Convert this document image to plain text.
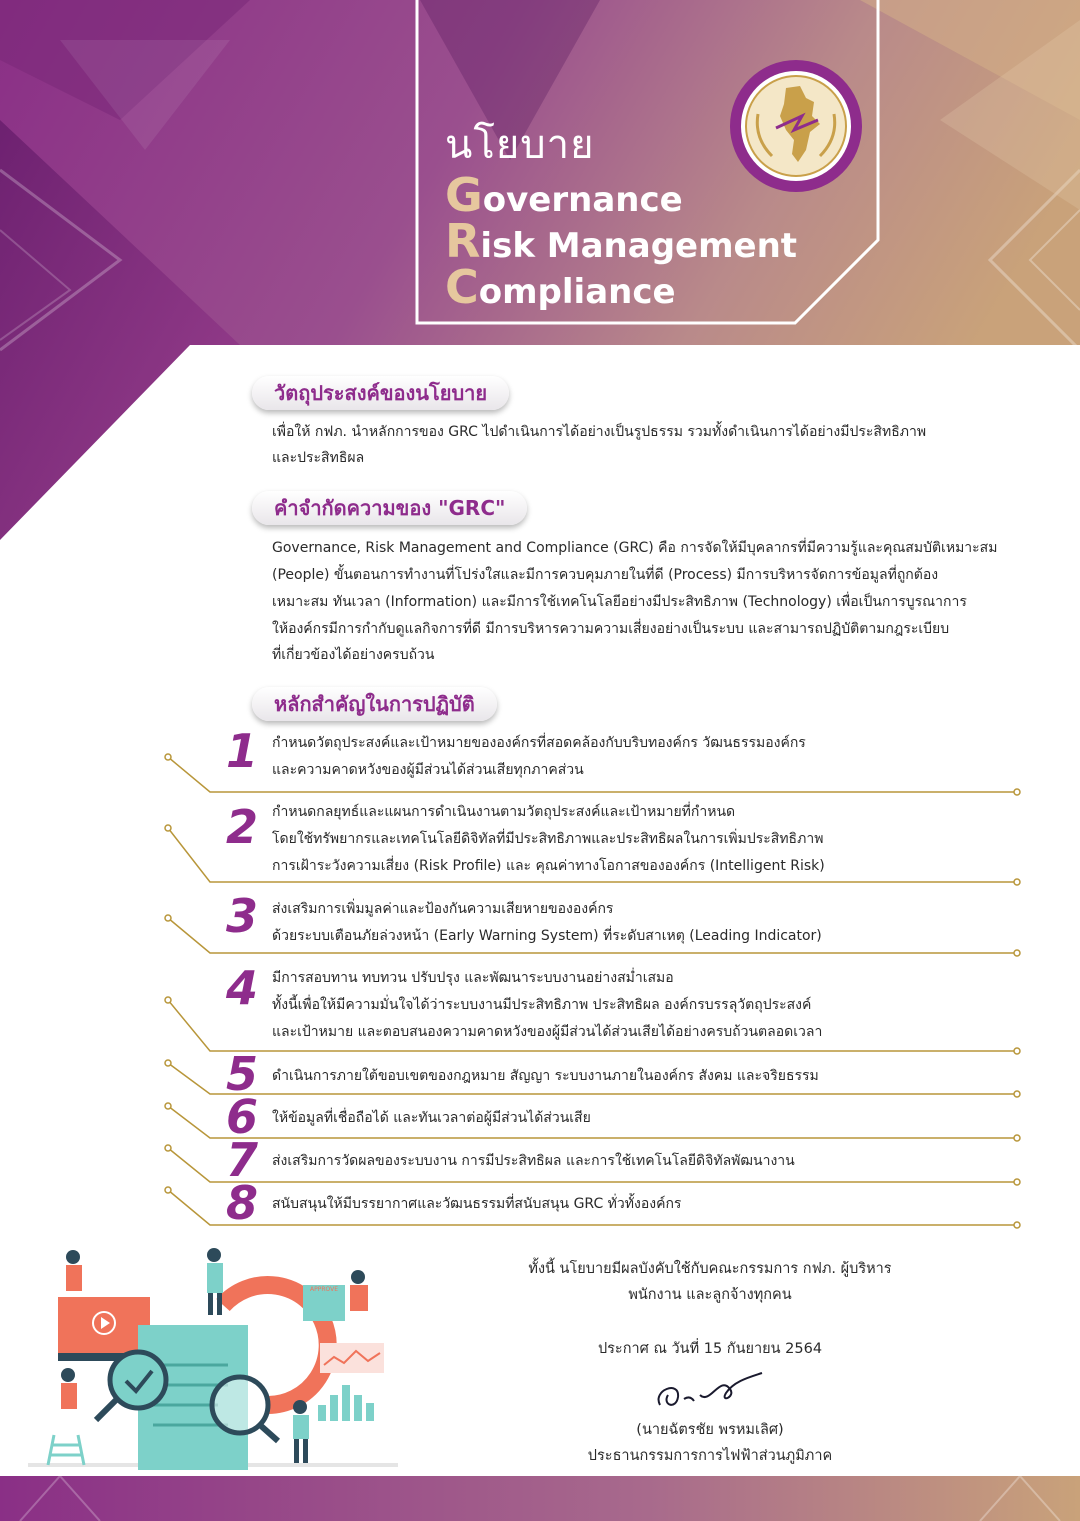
นโยบาย
Governance
Risk Management
Compliance
วัตถุประสงค์ของนโยบาย
เพื่อให้ กฟภ. นำหลักการของ GRC ไปดำเนินการได้อย่างเป็นรูปธรรม รวมทั้งดำเนินการได้อย่างมีประสิทธิภาพ
และประสิทธิผล
คำจำกัดความของ "GRC"
Governance, Risk Management and Compliance (GRC) คือ การจัดให้มีบุคลากรที่มีความรู้และคุณสมบัติเหมาะสม
(People) ขั้นตอนการทำงานที่โปร่งใสและมีการควบคุมภายในที่ดี (Process) มีการบริหารจัดการข้อมูลที่ถูกต้อง
เหมาะสม ทันเวลา (Information) และมีการใช้เทคโนโลยีอย่างมีประสิทธิภาพ (Technology) เพื่อเป็นการบูรณาการ
ให้องค์กรมีการกำกับดูแลกิจการที่ดี มีการบริหารความความเสี่ยงอย่างเป็นระบบ และสามารถปฏิบัติตามกฎระเบียบ
ที่เกี่ยวข้องได้อย่างครบถ้วน
หลักสำคัญในการปฏิบัติ
1 กำหนดวัตถุประสงค์และเป้าหมายขององค์กรที่สอดคล้องกับบริบทองค์กร วัฒนธรรมองค์กร
และความคาดหวังของผู้มีส่วนได้ส่วนเสียทุกภาคส่วน
2 กำหนดกลยุทธ์และแผนการดำเนินงานตามวัตถุประสงค์และเป้าหมายที่กำหนด
โดยใช้ทรัพยากรและเทคโนโลยีดิจิทัลที่มีประสิทธิภาพและประสิทธิผลในการเพิ่มประสิทธิภาพ
การเฝ้าระวังความเสี่ยง (Risk Profile) และ คุณค่าทางโอกาสขององค์กร (Intelligent Risk)
3 ส่งเสริมการเพิ่มมูลค่าและป้องกันความเสียหายขององค์กร
ด้วยระบบเตือนภัยล่วงหน้า (Early Warning System) ที่ระดับสาเหตุ (Leading Indicator)
4 มีการสอบทาน ทบทวน ปรับปรุง และพัฒนาระบบงานอย่างสม่ำเสมอ
ทั้งนี้เพื่อให้มีความมั่นใจได้ว่าระบบงานมีประสิทธิภาพ ประสิทธิผล องค์กรบรรลุวัตถุประสงค์
และเป้าหมาย และตอบสนองความคาดหวังของผู้มีส่วนได้ส่วนเสียได้อย่างครบถ้วนตลอดเวลา
5 ดำเนินการภายใต้ขอบเขตของกฎหมาย สัญญา ระบบงานภายในองค์กร สังคม และจริยธรรม
6 ให้ข้อมูลที่เชื่อถือได้ และทันเวลาต่อผู้มีส่วนได้ส่วนเสีย
7 ส่งเสริมการวัดผลของระบบงาน การมีประสิทธิผล และการใช้เทคโนโลยีดิจิทัลพัฒนางาน
8 สนับสนุนให้มีบรรยากาศและวัฒนธรรมที่สนับสนุน GRC ทั่วทั้งองค์กร
ทั้งนี้ นโยบายมีผลบังคับใช้กับคณะกรรมการ กฟภ. ผู้บริหาร
พนักงาน และลูกจ้างทุกคน
ประกาศ ณ วันที่ 15 กันยายน 2564
(นายฉัตรชัย พรหมเลิศ)
ประธานกรรมการการไฟฟ้าส่วนภูมิภาค
APPROVE
